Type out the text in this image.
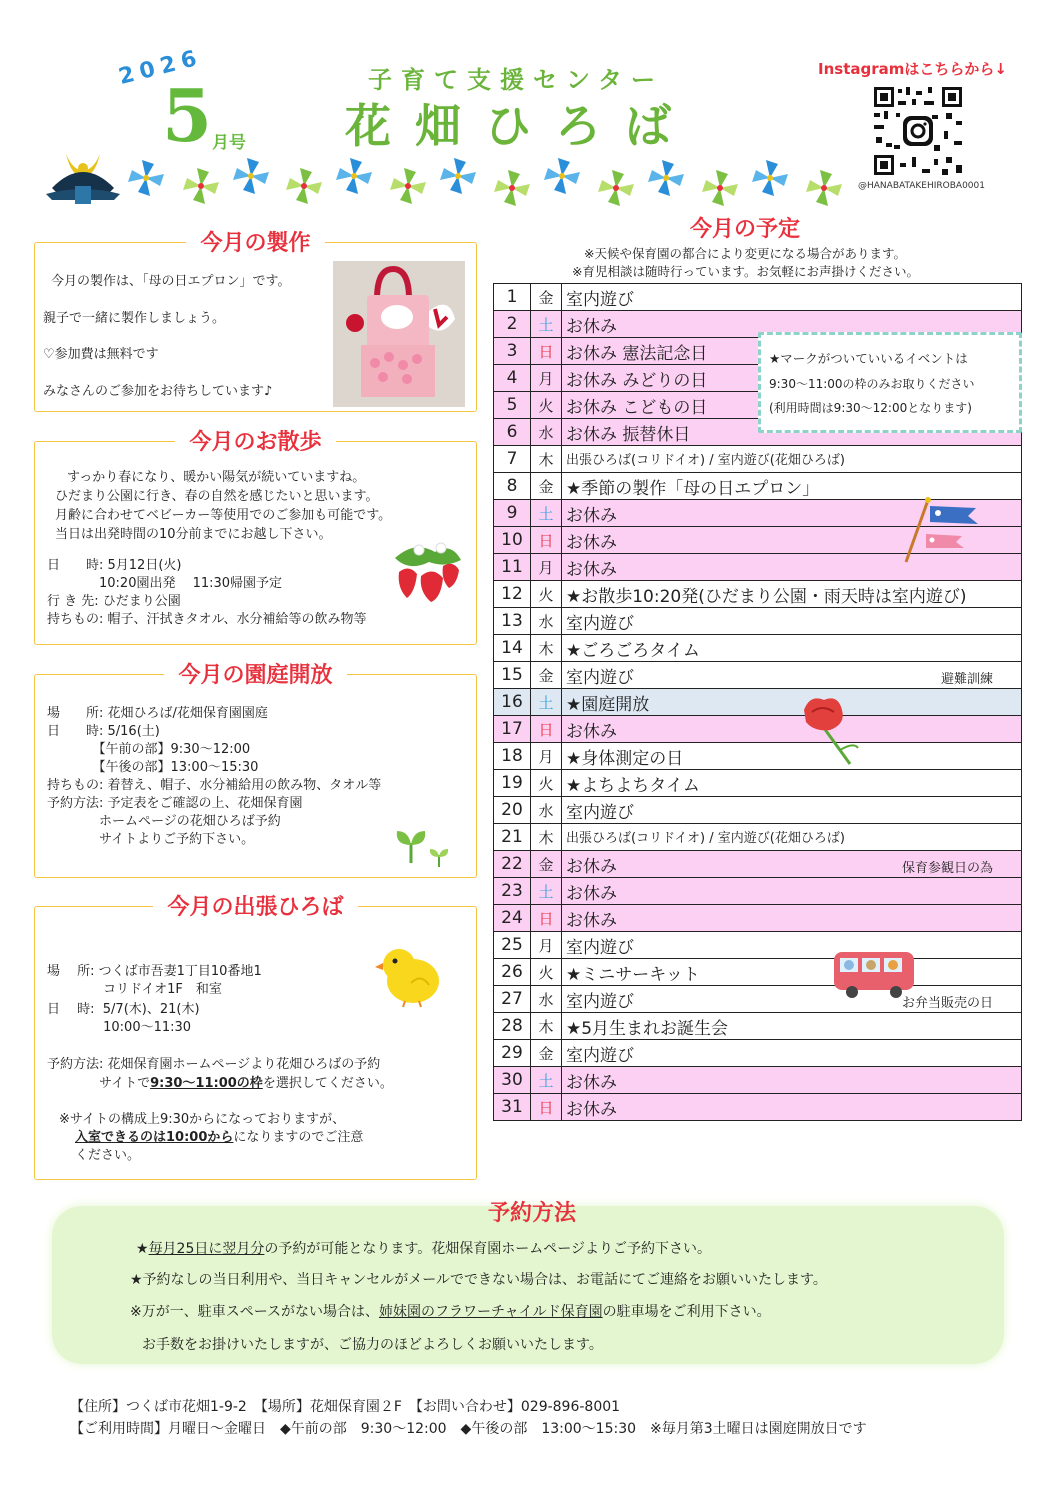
2026
5 月号
子育て支援センター
花畑ひろば
Instagramはこちらから↓
@HANABATAKEHIROBA0001
今月の製作
今月の製作は、「母の日エプロン」です。
親子で一緒に製作しましょう。
♡参加費は無料です
みなさんのご参加をお待ちしています♪
今月のお散歩
すっかり春になり、暖かい陽気が続いていますね。
ひだまり公園に行き、春の自然を感じたいと思います。
月齢に合わせてベビーカー等使用でのご参加も可能です。
当日は出発時間の10分前までにお越し下さい。
日　　時: 5月12日(火)
　　　　10:20園出発　 11:30帰園予定
行 き 先: ひだまり公園
持ちもの: 帽子、汗拭きタオル、水分補給等の飲み物等
今月の園庭開放
場　　所: 花畑ひろば/花畑保育園園庭
日　　時: 5/16(土)
　　　　【午前の部】9:30～12:00
　　　　【午後の部】13:00～15:30
持ちもの: 着替え、帽子、水分補給用の飲み物、タオル等
予約方法: 予定表をご確認の上、花畑保育園
　　　　ホームページの花畑ひろば予約
　　　　サイトよりご予約下さい。
今月の出張ひろば
場　 所: つくば市吾妻1丁目10番地1
　　　　 コリドイオ1F　和室
日　 時:  5/7(木)、21(木)
　　　　 10:00～11:30
予約方法: 花畑保育園ホームページより花畑ひろばの予約
　　　　サイトで9:30～11:00の枠を選択してください。
※サイトの構成上9:30からになっておりますが、
入室できるのは10:00からになりますのでご注意
ください。
今月の予定
※天候や保育園の都合により変更になる場合があります。
※育児相談は随時行っています。お気軽にお声掛けください。
1	金	室内遊び
2	土	お休み
3	日	お休み 憲法記念日
4	月	お休み みどりの日
5	火	お休み こどもの日
6	水	お休み 振替休日
7	木	出張ひろば(コリドイオ) / 室内遊び(花畑ひろば)
8	金	★季節の製作「母の日エプロン」
9	土	お休み
10	日	お休み
11	月	お休み
12	火	★お散歩10:20発(ひだまり公園・雨天時は室内遊び)
13	水	室内遊び
14	木	★ごろごろタイム
15	金	室内遊び 避難訓練

16	土	★園庭開放
17	日	お休み
18	月	★身体測定の日
19	火	★よちよちタイム
20	水	室内遊び
21	木	出張ひろば(コリドイオ) / 室内遊び(花畑ひろば)
22	金	お休み 保育参観日の為

23	土	お休み
24	日	お休み
25	月	室内遊び
26	火	★ミニサーキット
27	水	室内遊び お弁当販売の日

28	木	★5月生まれお誕生会
29	金	室内遊び
30	土	お休み
31	日	お休み
★マークがついていいるイベントは
9:30～11:00の枠のみお取りください
(利用時間は9:30～12:00となります)
★毎月25日に翌月分の予約が可能となります。花畑保育園ホームページよりご予約下さい。
★予約なしの当日利用や、当日キャンセルがメールでできない場合は、お電話にてご連絡をお願いいたします。
※万が一、駐車スペースがない場合は、姉妹園のフラワーチャイルド保育園の駐車場をご利用下さい。
お手数をお掛けいたしますが、ご協力のほどよろしくお願いいたします。
予約方法
【住所】つくば市花畑1-9-2　【場所】花畑保育園２F　【お問い合わせ】029-896-8001
【ご利用時間】月曜日～金曜日　◆午前の部　9:30～12:00　◆午後の部　13:00～15:30　※毎月第3土曜日は園庭開放日です
